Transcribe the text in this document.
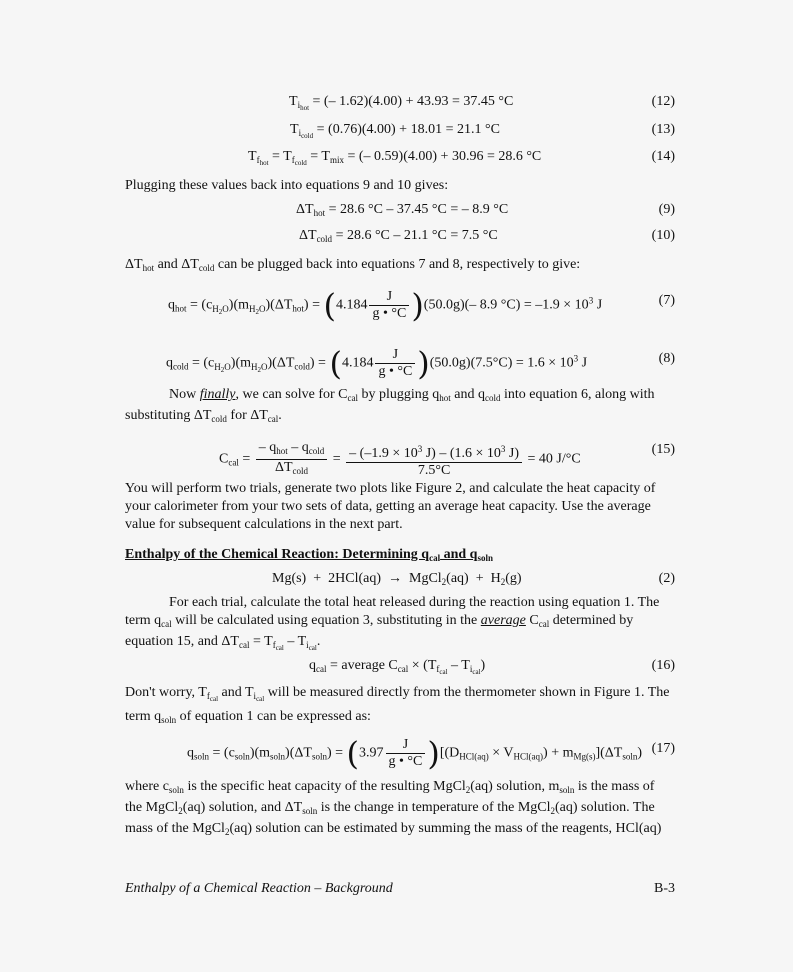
$T_{i_{hot}}$ = (– 1.62)(4.00) + 43.93 = 37.45 °C	(12)
$T_{i_{cold}} = (0.76)(4.00) + 18.01 = 21.1$ °C	(13)
$T_{f_{hot}} = T_{f_{cold}} = T_{mix}$ = (– 0.59)(4.00) + 30.96 = 28.6 °C	(14)
Plugging these values back into equations 9 and 10 gives:
$\Delta T_{hot} = 28.6$ °C – 37.45 °C = – 8.9 °C	(9)
$\Delta T_{cold} = 28.6$ °C – 21.1 °C = 7.5 °C	(10)
$\Delta T_{hot}$ and $\Delta T_{cold}$ can be plugged back into equations 7 and 8, respectively to give:
$q_{hot} = (c_{H_2O})(m_{H_2O})(\Delta T_{hot}) = (4.184 \frac{J}{g • ^\circ C} )(50.0g)(-$ 8.9 $^\circ C) = -1.9 \times 10^3$ J	(7)
$q_{cold} = (c_{H_2O})(m_{H_2O})(\Delta T_{cold}) = (4.184 \frac{J}{g • ^\circ C} )(50.0g)(7.5^\circ C) = 1.6 \times 10^3$ J	(8)
Now finally, we can solve for $C_{cal}$ by plugging $q_{hot}$ and $q_{cold}$ into equation 6, along with substituting $\Delta T_{cold}$ for $\Delta T_{cal}$.
$C_{cal} = \frac{- q_{hot} - q_{cold}}{\Delta T_{cold}} = \frac{- (-1.9 \times 10^3 J) - (1.6 \times 10^3 J)}{7.5^\circ C} = 40$ J/°C
(15)
You will perform two trials, generate two plots like Figure 2, and calculate the heat capacity of your calorimeter from your two sets of data, getting an average heat capacity. Use the average value for subsequent calculations in the next part.
Enthalpy of the Chemical Reaction: Determining $q_{cal}$ and $q_{soln}$
Mg(s)  +  2HCl(aq)  →  MgCl$_2$(aq)  +  $H_2(g)$	(2)
For each trial, calculate the total heat released during the reaction using equation 1. The term $q_{cal}$ will be calculated using equation 3, substituting in the average $C_{cal}$ determined by equation 15, and $\Delta T_{cal} = T_{f_{cal}} - T_{i_{cal}}$.
$q_{cal}$ = average $C_{cal} \times (T_{f_{cal}} - T_{i_{cal}})$	(16)
Don't worry, $T_{f_{cal}}$ and $T_{i_{cal}}$ will be measured directly from the thermometer shown in Figure 1. The term $q_{soln}$ of equation 1 can be expressed as:
$q_{soln} = (c_{soln})(m_{soln})(\Delta T_{soln}) = (3.97 \frac{J}{g • ^\circ C} )[(D_{HCl(aq)} \times V_{HCl(aq)}) + m_{Mg(s)}](\Delta T_{soln})$ (17)
where $c_{soln}$ is the specific heat capacity of the resulting MgCl$_2$(aq) solution, $m_{soln}$ is the mass of the MgCl$_2$(aq) solution, and $\Delta T_{soln}$ is the change in temperature of the MgCl$_2$(aq) solution. The mass of the MgCl$_2$(aq) solution can be estimated by summing the mass of the reagents, HCl(aq)
Enthalpy of a Chemical Reaction – Background	B-3
